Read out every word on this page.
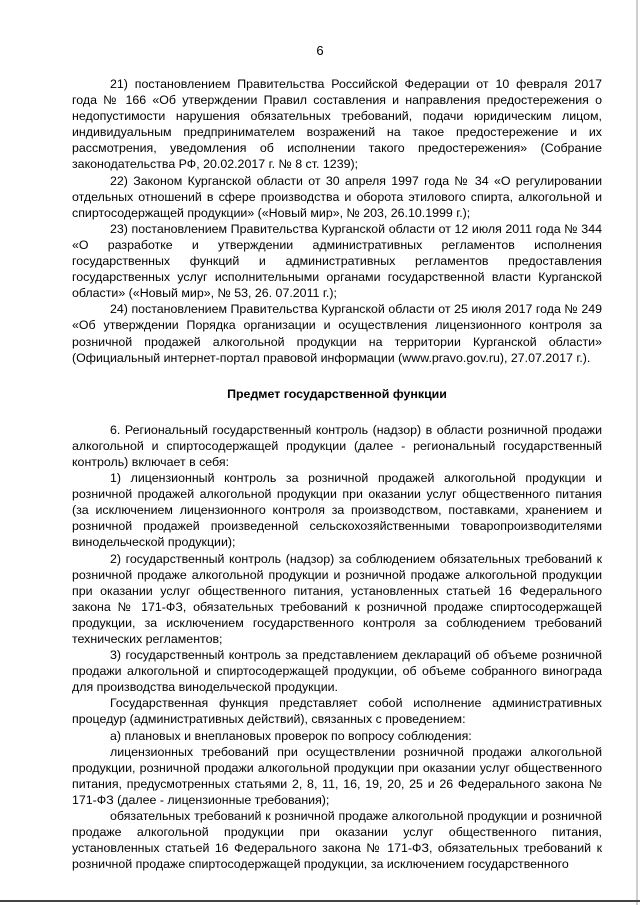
6

21) постановлением Правительства Российской Федерации от 10 февраля 2017 года № 166 «Об утверждении Правил составления и направления предостережения о недопустимости нарушения обязательных требований, подачи юридическим лицом, индивидуальным предпринимателем возражений на такое предостережение и их рассмотрения, уведомления об исполнении такого предостережения» (Собрание законодательства РФ, 20.02.2017 г. № 8 ст. 1239);

22) Законом Курганской области от 30 апреля 1997 года № 34 «О регулировании отдельных отношений в сфере производства и оборота этилового спирта, алкогольной и спиртосодержащей продукции» («Новый мир», № 203, 26.10.1999 г.);

23) постановлением Правительства Курганской области от 12 июля 2011 года № 344 «О разработке и утверждении административных регламентов исполнения государственных функций и административных регламентов предоставления государственных услуг исполнительными органами государственной власти Курганской области» («Новый мир», № 53, 26. 07.2011 г.);

24) постановлением Правительства Курганской области от 25 июля 2017 года № 249 «Об утверждении Порядка организации и осуществления лицензионного контроля за розничной продажей алкогольной продукции на территории Курганской области» (Официальный интернет-портал правовой информации (www.pravo.gov.ru), 27.07.2017 г.).

Предмет государственной функции

6. Региональный государственный контроль (надзор) в области розничной продажи алкогольной и спиртосодержащей продукции (далее - региональный государственный контроль) включает в себя:

1) лицензионный контроль за розничной продажей алкогольной продукции и розничной продажей алкогольной продукции при оказании услуг общественного питания (за исключением лицензионного контроля за производством, поставками, хранением и розничной продажей произведенной сельскохозяйственными товаропроизводителями винодельческой продукции);

2) государственный контроль (надзор) за соблюдением обязательных требований к розничной продаже алкогольной продукции и розничной продаже алкогольной продукции при оказании услуг общественного питания, установленных статьей 16 Федерального закона № 171-ФЗ, обязательных требований к розничной продаже спиртосодержащей продукции, за исключением государственного контроля за соблюдением требований технических регламентов;

3) государственный контроль за представлением деклараций об объеме розничной продажи алкогольной и спиртосодержащей продукции, об объеме собранного винограда для производства винодельческой продукции.

Государственная функция представляет собой исполнение административных процедур (административных действий), связанных с проведением:

а) плановых и внеплановых проверок по вопросу соблюдения:

лицензионных требований при осуществлении розничной продажи алкогольной продукции, розничной продажи алкогольной продукции при оказании услуг общественного питания, предусмотренных статьями 2, 8, 11, 16, 19, 20, 25 и 26 Федерального закона № 171-ФЗ (далее - лицензионные требования);

обязательных требований к розничной продаже алкогольной продукции и розничной продаже алкогольной продукции при оказании услуг общественного питания, установленных статьей 16 Федерального закона № 171-ФЗ, обязательных требований к розничной продаже спиртосодержащей продукции, за исключением государственного
